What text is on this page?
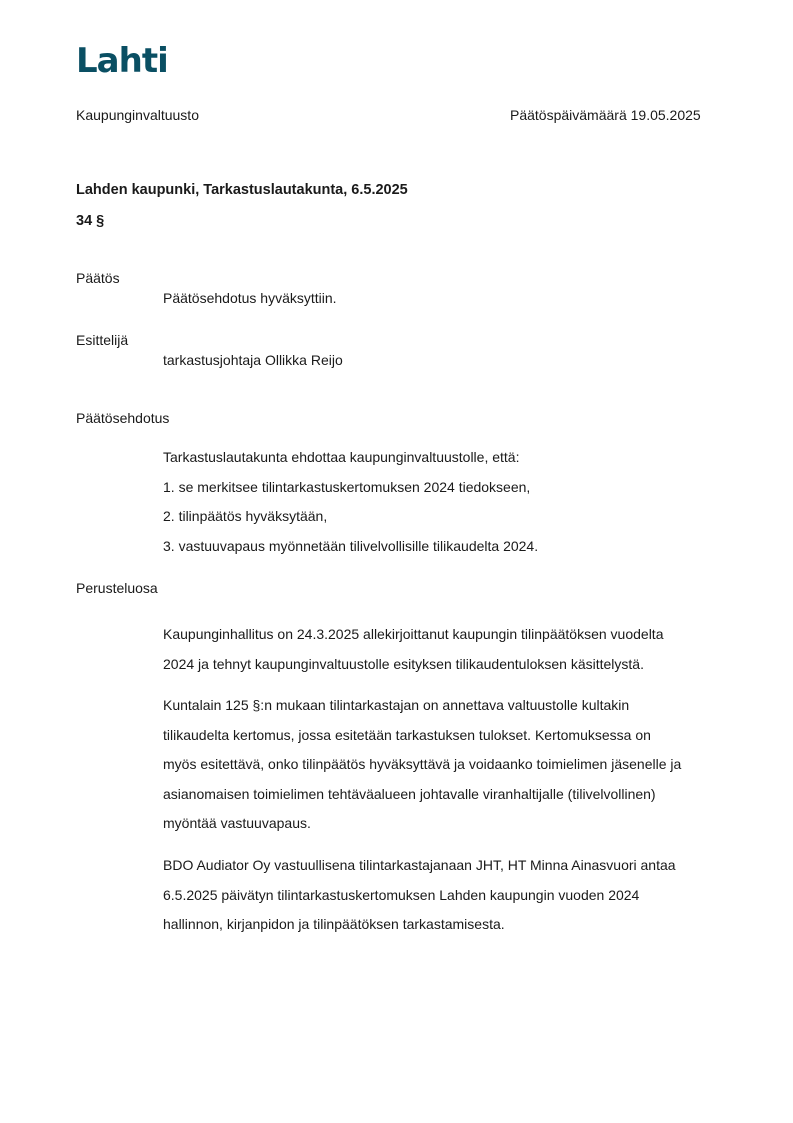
Lahti
Kaupunginvaltuusto	Päätöspäivämäärä 19.05.2025
Lahden kaupunki, Tarkastuslautakunta, 6.5.2025
34 §
Päätös
Päätösehdotus hyväksyttiin.
Esittelijä
tarkastusjohtaja Ollikka Reijo
Päätösehdotus
Tarkastuslautakunta ehdottaa kaupunginvaltuustolle, että:
1. se merkitsee tilintarkastuskertomuksen 2024 tiedokseen,
2. tilinpäätös hyväksytään,
3. vastuuvapaus myönnetään tilivelvollisille tilikaudelta 2024.
Perusteluosa

Kaupunginhallitus on 24.3.2025 allekirjoittanut kaupungin tilinpäätöksen vuodelta
2024 ja tehnyt kaupunginvaltuustolle esityksen tilikaudentuloksen käsittelystä.

Kuntalain 125 §:n mukaan tilintarkastajan on annettava valtuustolle kultakin
tilikaudelta kertomus, jossa esitetään tarkastuksen tulokset. Kertomuksessa on
myös esitettävä, onko tilinpäätös hyväksyttävä ja voidaanko toimielimen jäsenelle ja
asianomaisen toimielimen tehtäväalueen johtavalle viranhaltijalle (tilivelvollinen)
myöntää vastuuvapaus.

BDO Audiator Oy vastuullisena tilintarkastajanaan JHT, HT Minna Ainasvuori antaa
6.5.2025 päivätyn tilintarkastuskertomuksen Lahden kaupungin vuoden 2024
hallinnon, kirjanpidon ja tilinpäätöksen tarkastamisesta.
